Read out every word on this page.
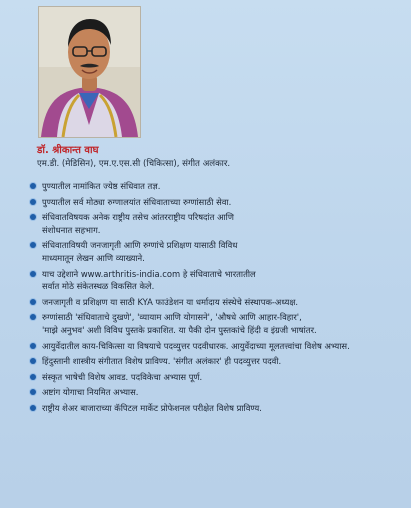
डॉ. श्रीकान्त वाघ
एम.डी. (मेडिसिन), एम.ए.एस.सी (चिकित्सा), संगीत अलंकार.
पुण्यातील नामांकित ज्येष्ठ संधिवात तज्ञ.
पुण्यातील सर्व मोठ्या रुग्णालयांत संधिवाताच्या रुग्णांसाठी सेवा.
संधिवातविषयक अनेक राष्ट्रीय तसेच आंतरराष्ट्रीय परिषदांत आणि
संशोधनात सहभाग.
संधिवाताविषयी जनजागृती आणि रुग्णांचे प्रशिक्षण यासाठी विविध
माध्यमातून लेखन आणि व्याख्याने.
याच उद्देशाने www.arthritis-india.com हे संधिवाताचे भारतातील
सर्वात मोठे संकेतस्थळ विकसित केले.
जनजागृती व प्रशिक्षण या साठी KYA फाउंडेशन या धर्मादाय संस्थेचे संस्थापक-अध्यक्ष.
रुग्णांसाठी 'संधिवाताचे दुखणे', 'व्यायाम आणि योगासने', 'औषधे आणि आहार-विहार',
'माझे अनुभव' अशी विविध पुस्तके प्रकाशित. या पैकी दोन पुस्तकांचे हिंदी व इंग्रजी भाषांतर.
आयुर्वेदातील काय-चिकित्सा या विषयाचे पदव्युत्तर पदवीधारक. आयुर्वेदाच्या मूलतत्त्वांचा विशेष अभ्यास.
हिंदुस्तानी शास्त्रीय संगीतात विशेष प्राविण्य. 'संगीत अलंकार' ही पदव्युत्तर पदवी.
संस्कृत भाषेची विशेष आवड. पदविकेचा अभ्यास पूर्ण.
अष्टांग योगाचा नियमित अभ्यास.
राष्ट्रीय शेअर बाजाराच्या कॅपिटल मार्केट प्रोफेशनल परीक्षेत विशेष प्राविण्य.
